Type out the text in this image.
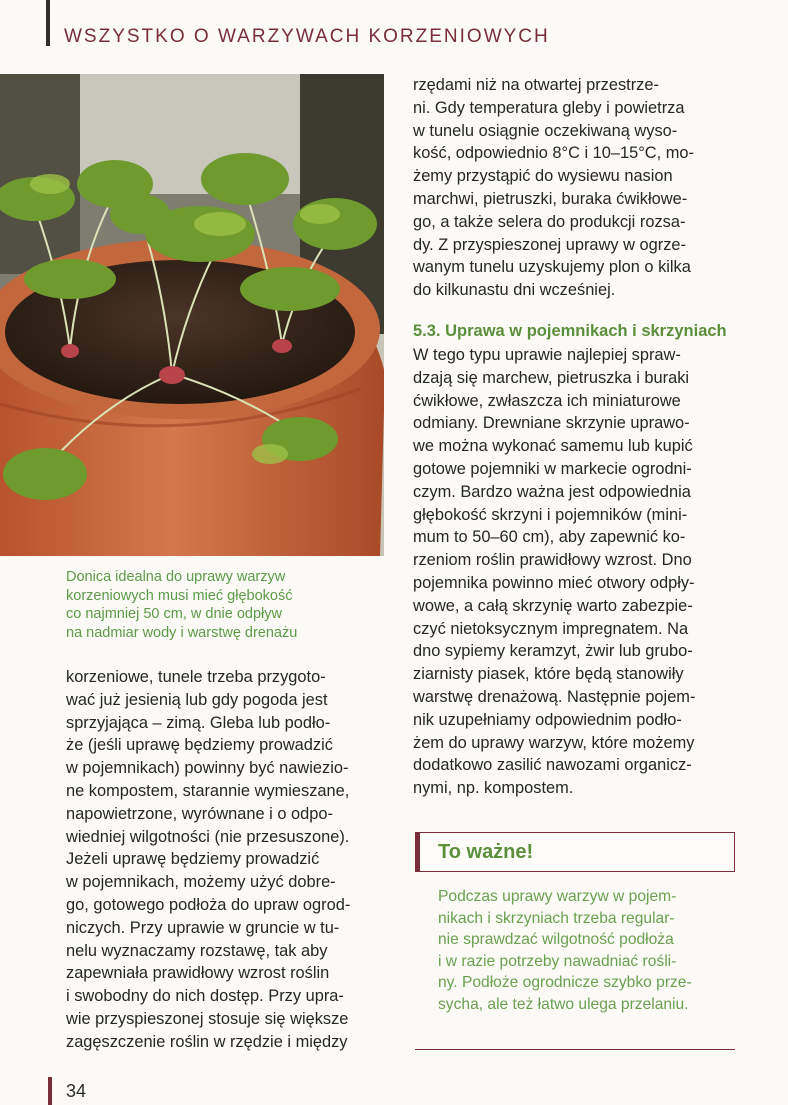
WSZYSTKO O WARZYWACH KORZENIOWYCH

Donica idealna do uprawy warzyw

korzeniowych musi mieć głębokość

co najmniej 50 cm, w dnie odpływ

na nadmiar wody i warstwę drenażu

korzeniowe, tunele trzeba przygoto-

wać już jesienią lub gdy pogoda jest

sprzyjająca – zimą. Gleba lub podło-

że (jeśli uprawę będziemy prowadzić

w pojemnikach) powinny być nawiezio-

ne kompostem, starannie wymieszane,

napowietrzone, wyrównane i o odpo-

wiedniej wilgotności (nie przesuszone).

Jeżeli uprawę będziemy prowadzić

w pojemnikach, możemy użyć dobre-

go, gotowego podłoża do upraw ogrod-

niczych. Przy uprawie w gruncie w tu-

nelu wyznaczamy rozstawę, tak aby

zapewniała prawidłowy wzrost roślin

i swobodny do nich dostęp. Przy upra-

wie przyspieszonej stosuje się większe

zagęszczenie roślin w rzędzie i między

rzędami niż na otwartej przestrze-

ni. Gdy temperatura gleby i powietrza

w tunelu osiągnie oczekiwaną wyso-

kość, odpowiednio 8°C i 10–15°C, mo-

żemy przystąpić do wysiewu nasion

marchwi, pietruszki, buraka ćwikłowe-

go, a także selera do produkcji rozsa-

dy. Z przyspieszonej uprawy w ogrze-

wanym tunelu uzyskujemy plon o kilka

do kilkunastu dni wcześniej.

5.3. Uprawa w pojemnikach i skrzyniach

W tego typu uprawie najlepiej spraw-

dzają się marchew, pietruszka i buraki

ćwikłowe, zwłaszcza ich miniaturowe

odmiany. Drewniane skrzynie uprawo-

we można wykonać samemu lub kupić

gotowe pojemniki w markecie ogrodni-

czym. Bardzo ważna jest odpowiednia

głębokość skrzyni i pojemników (mini-

mum to 50–60 cm), aby zapewnić ko-

rzeniom roślin prawidłowy wzrost. Dno

pojemnika powinno mieć otwory odpły-

wowe, a całą skrzynię warto zabezpie-

czyć nietoksycznym impregnatem. Na

dno sypiemy keramzyt, żwir lub grubo-

ziarnisty piasek, które będą stanowiły

warstwę drenażową. Następnie pojem-

nik uzupełniamy odpowiednim podło-

żem do uprawy warzyw, które możemy

dodatkowo zasilić nawozami organicz-

nymi, np. kompostem.

To ważne!

Podczas uprawy warzyw w pojem-

nikach i skrzyniach trzeba regular-

nie sprawdzać wilgotność podłoża

i w razie potrzeby nawadniać rośli-

ny. Podłoże ogrodnicze szybko prze-

sycha, ale też łatwo ulega przelaniu.

34
